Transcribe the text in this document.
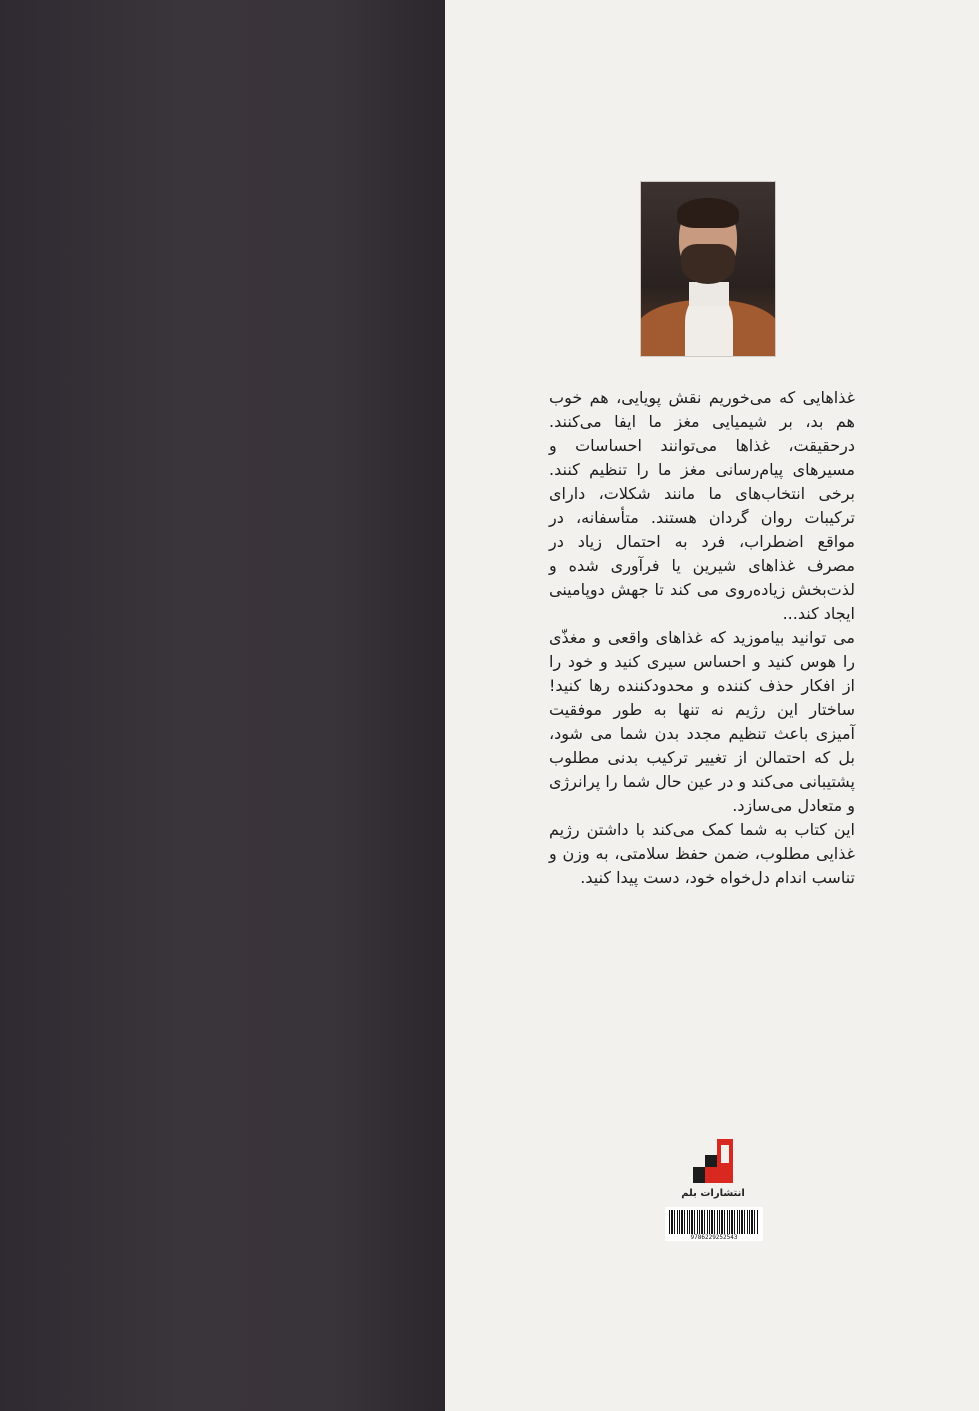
غذاهایی که می‌خوریم نقش پویایی، هم خوب هم بد، بر شیمیایی مغز ما ایفا می‌کنند. درحقیقت، غذاها می‌توانند احساسات و مسیرهای پیام‌رسانی مغز ما را تنظیم کنند. برخی انتخاب‌های ما مانند شکلات، دارای ترکیبات روان گردان هستند. متأسفانه، در مواقع اضطراب، فرد به احتمال زیاد در مصرف غذاهای شیرین یا فرآوری شده و لذت‌بخش زیاده‌روی می کند تا جهش دوپامینی ایجاد کند...

می توانید بیاموزید که غذاهای واقعی و مغذّی را هوس کنید و احساس سیری کنید و خود را از افکار حذف کننده و محدودکننده رها کنید! ساختار این رژیم نه تنها به طور موفقیت آمیزی باعث تنظیم مجدد بدن شما می شود، بل که احتمالن از تغییر ترکیب بدنی مطلوب پشتیبانی می‌کند و در عین حال شما را پرانرژی و متعادل می‌سازد.

این کتاب به شما کمک می‌کند با داشتن رژیم غذایی مطلوب، ضمن حفظ سلامتی، به وزن و تناسب اندام دل‌خواه خود، دست پیدا کنید.

انتشارات بلم
9786229252543
